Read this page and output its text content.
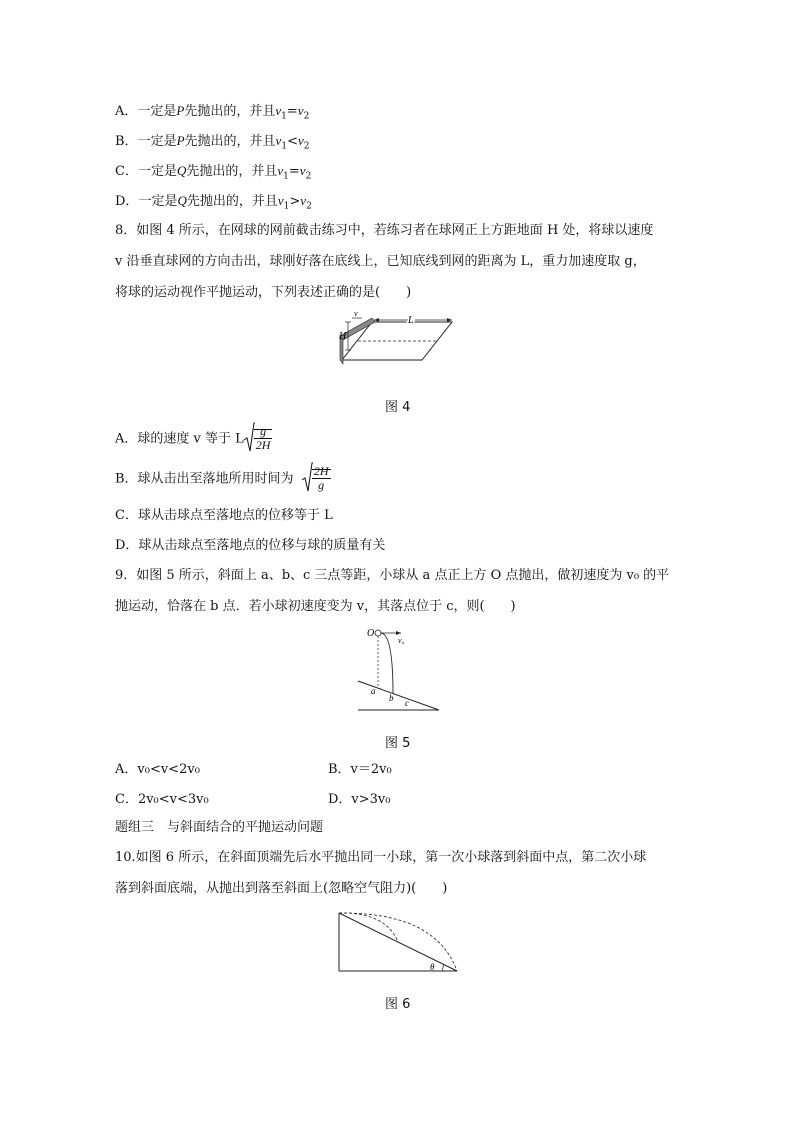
A．一定是P先抛出的，并且$v_1=v_2$
B．一定是P先抛出的，并且$v_1<v_2$
C．一定是Q先抛出的，并且$v_1=v_2$
D．一定是Q先抛出的，并且$v_1>v_2$
8．如图 4 所示，在网球的网前截击练习中，若练习者在球网正上方距地面 H 处，将球以速度
v 沿垂直球网的方向击出，球刚好落在底线上，已知底线到网的距离为 L，重力加速度取 g，
将球的运动视作平抛运动，下列表述正确的是(　　)
v
H
L
图 4
A．球的速度 v 等于 L $\frac{g}{2H}$
B．球从击出至落地所用时间为 $\frac{2H}{g}$
C．球从击球点至落地点的位移等于 L
D．球从击球点至落地点的位移与球的质量有关
9．如图 5 所示，斜面上 a、b、c 三点等距，小球从 a 点正上方 O 点抛出，做初速度为 v₀ 的平
抛运动，恰落在 b 点．若小球初速度变为 v，其落点位于 c，则(　　)
O
v₀
a
b c
图 5
A．v₀<v<2v₀	B．v＝2v₀
C．2v₀<v<3v₀	D．v>3v₀
题组三　与斜面结合的平抛运动问题
10.如图 6 所示，在斜面顶端先后水平抛出同一小球，第一次小球落到斜面中点，第二次小球
落到斜面底端，从抛出到落至斜面上(忽略空气阻力)(　　)
θ
图 6
